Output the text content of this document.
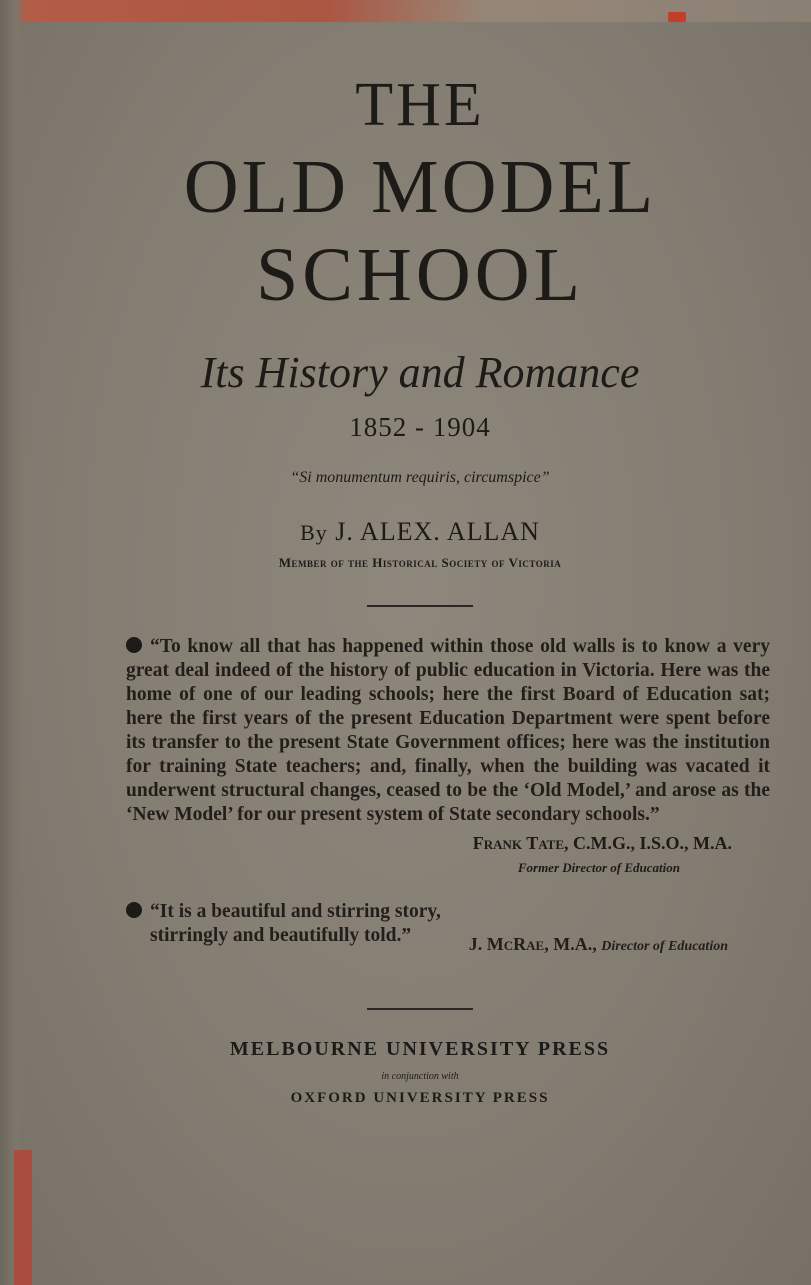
THE
OLD MODEL
SCHOOL
Its History and Romance
1852 - 1904
“Si monumentum requiris, circumspice”
By J. ALEX. ALLAN
Member of the Historical Society of Victoria
“To know all that has happened within those old walls is to know a very great deal indeed of the history of public education in Victoria. Here was the home of one of our leading schools; here the first Board of Education sat; here the first years of the present Education Department were spent before its transfer to the present State Government offices; here was the institution for training State teachers; and, finally, when the building was vacated it underwent structural changes, ceased to be the ‘Old Model,’ and arose as the ‘New Model’ for our present system of State secondary schools.”
Frank Tate, C.M.G., I.S.O., M.A.
Former Director of Education
“It is a beautiful and stirring story, stirringly and beautifully told.”	J. McRae, M.A., Director of Education
MELBOURNE UNIVERSITY PRESS
in conjunction with
OXFORD UNIVERSITY PRESS
